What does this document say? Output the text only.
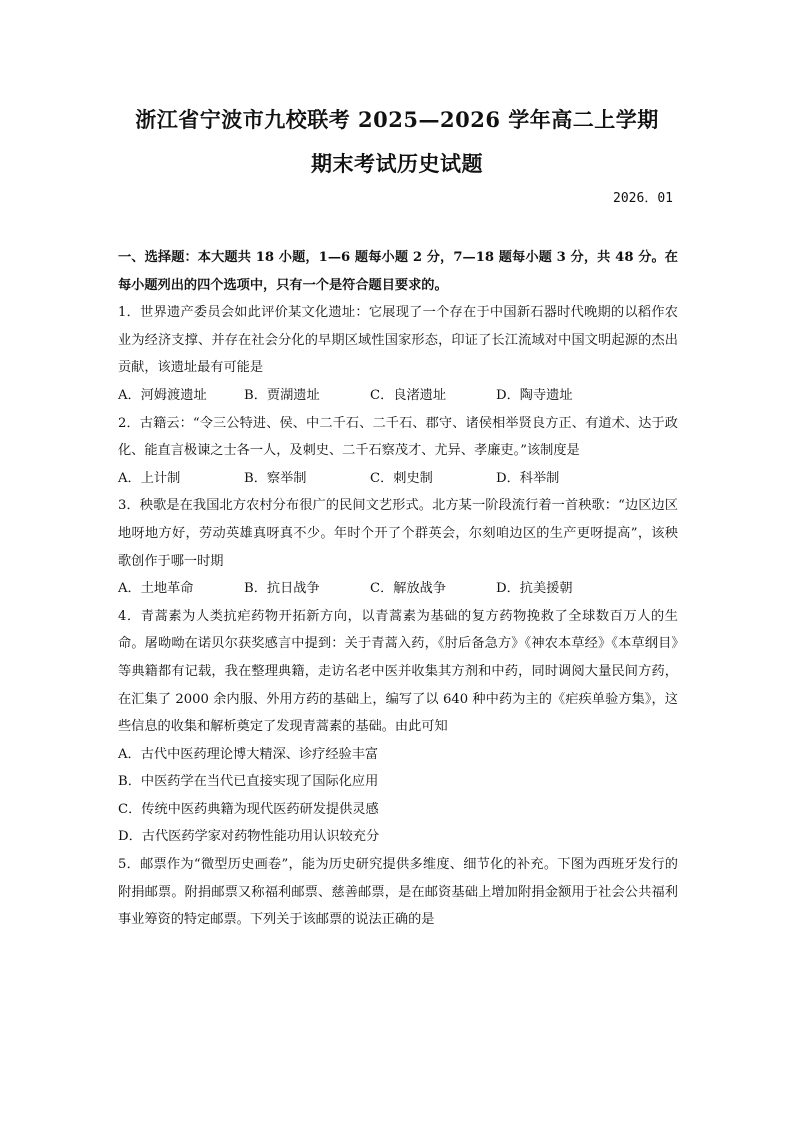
浙江省宁波市九校联考 2025—2026 学年高二上学期
期末考试历史试题
2026．01

一、选择题：本大题共 18 小题，1—6 题每小题 2 分，7—18 题每小题 3 分，共 48 分。在每小题列出的四个选项中，只有一个是符合题目要求的。

1．世界遗产委员会如此评价某文化遗址：它展现了一个存在于中国新石器时代晚期的以稻作农业为经济支撑、并存在社会分化的早期区域性国家形态，印证了长江流域对中国文明起源的杰出贡献，该遗址最有可能是

A．河姆渡遗址	B．贾湖遗址	C．良渚遗址	D．陶寺遗址

2．古籍云：“令三公特进、侯、中二千石、二千石、郡守、诸侯相举贤良方正、有道术、达于政化、能直言极谏之士各一人，及刺史、二千石察茂才、尤异、孝廉吏。”该制度是

A．上计制	B．察举制	C．刺史制	D．科举制

3．秧歌是在我国北方农村分布很广的民间文艺形式。北方某一阶段流行着一首秧歌：“边区边区地呀地方好，劳动英雄真呀真不少。年时个开了个群英会，尔刻咱边区的生产更呀提高”，该秧歌创作于哪一时期

A．土地革命	B．抗日战争	C．解放战争	D．抗美援朝

4．青蒿素为人类抗疟药物开拓新方向，以青蒿素为基础的复方药物挽救了全球数百万人的生命。屠呦呦在诺贝尔获奖感言中提到：关于青蒿入药，《肘后备急方》《神农本草经》《本草纲目》等典籍都有记载，我在整理典籍，走访名老中医并收集其方剂和中药，同时调阅大量民间方药，在汇集了 2000 余内服、外用方药的基础上，编写了以 640 种中药为主的《疟疾单验方集》，这些信息的收集和解析奠定了发现青蒿素的基础。由此可知

A．古代中医药理论博大精深、诊疗经验丰富

B．中医药学在当代已直接实现了国际化应用

C．传统中医药典籍为现代医药研发提供灵感

D．古代医药学家对药物性能功用认识较充分

5．邮票作为“微型历史画卷”，能为历史研究提供多维度、细节化的补充。下图为西班牙发行的附捐邮票。附捐邮票又称福利邮票、慈善邮票，是在邮资基础上增加附捐金额用于社会公共福利事业筹资的特定邮票。下列关于该邮票的说法正确的是
